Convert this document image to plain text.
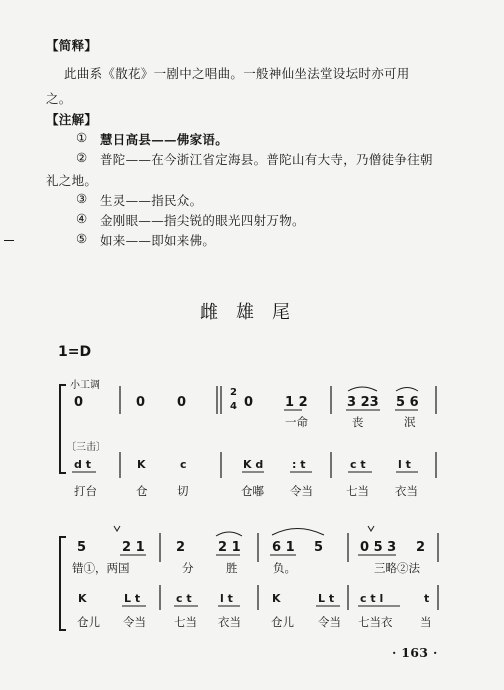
【简释】
此曲系《散花》一剧中之唱曲。一般神仙坐法堂设坛时亦可用
之。
【注解】
① 慧日高县——佛家语。
② 普陀——在今浙江省定海县。普陀山有大寺，乃僧徒争往朝
礼之地。
③ 生灵——指民众。
④ 金刚眼——指尖锐的眼光四射万物。
⑤ 如来——即如来佛。
雌雄尾
1=D
小工调
〔三击〕
0	0 0
2
4 0 1 2	3 23 5 6
一命	丧	泯
打台	仓	切	仓嘟 令当	七当 衣当
5	2 1 2	2 1 6 1 5	0 5 3 2
错①，两国	分	胜	负。	三略②法
仓儿 令当 七当 衣当	仓儿 令当 七当衣 当
d t	K	c	K d	: t	c t	l t
K	L t	c t	l t	K	L t c t l	t
· 163 ·
